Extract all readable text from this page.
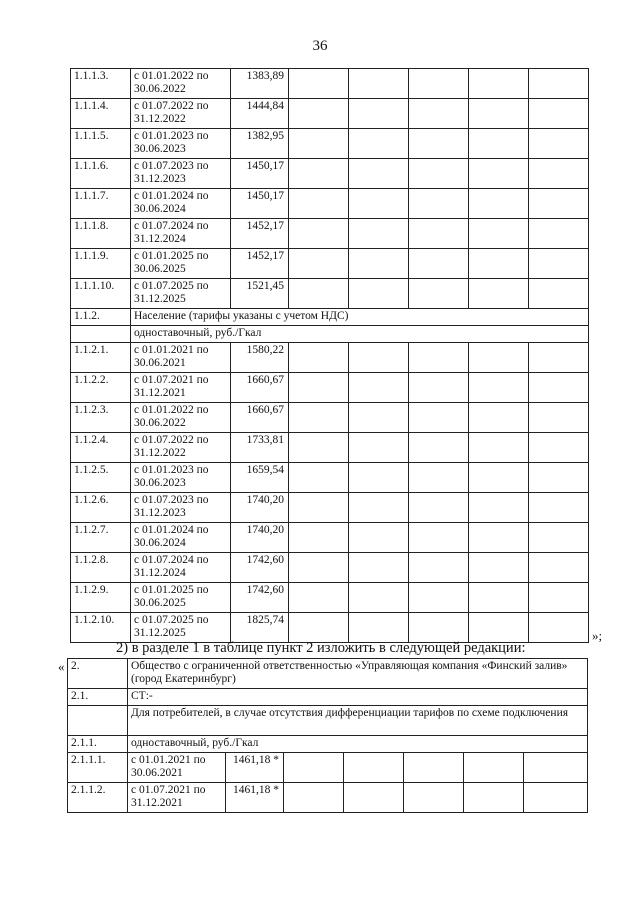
36
1.1.1.3.	с 01.01.2022 по 30.06.2022	1383,89					
1.1.1.4.	с 01.07.2022 по 31.12.2022	1444,84					
1.1.1.5.	с 01.01.2023 по 30.06.2023	1382,95					
1.1.1.6.	с 01.07.2023 по 31.12.2023	1450,17					
1.1.1.7.	с 01.01.2024 по 30.06.2024	1450,17					
1.1.1.8.	с 01.07.2024 по 31.12.2024	1452,17					
1.1.1.9.	с 01.01.2025 по 30.06.2025	1452,17					
1.1.1.10.	с 01.07.2025 по 31.12.2025	1521,45					
1.1.2.	Население (тарифы указаны с учетом НДС)						
	одноставочный, руб./Гкал						
1.1.2.1.	с 01.01.2021 по 30.06.2021	1580,22					
1.1.2.2.	с 01.07.2021 по 31.12.2021	1660,67					
1.1.2.3.	с 01.01.2022 по 30.06.2022	1660,67					
1.1.2.4.	с 01.07.2022 по 31.12.2022	1733,81					
1.1.2.5.	с 01.01.2023 по 30.06.2023	1659,54					
1.1.2.6.	с 01.07.2023 по 31.12.2023	1740,20					
1.1.2.7.	с 01.01.2024 по 30.06.2024	1740,20					
1.1.2.8.	с 01.07.2024 по 31.12.2024	1742,60					
1.1.2.9.	с 01.01.2025 по 30.06.2025	1742,60					
1.1.2.10.	с 01.07.2025 по 31.12.2025	1825,74					
»;
2) в разделе 1 в таблице пункт 2 изложить в следующей редакции:
« 2.	Общество с ограниченной ответственностью «Управляющая компания «Финский залив» (город Екатеринбург)						
2.1.	СТ:-						
	Для потребителей, в случае отсутствия дифференциации тарифов по схеме подключения						
2.1.1.	одноставочный, руб./Гкал						
2.1.1.1.	с 01.01.2021 по 30.06.2021	1461,18 *					
2.1.1.2.	с 01.07.2021 по 31.12.2021	1461,18 *					
